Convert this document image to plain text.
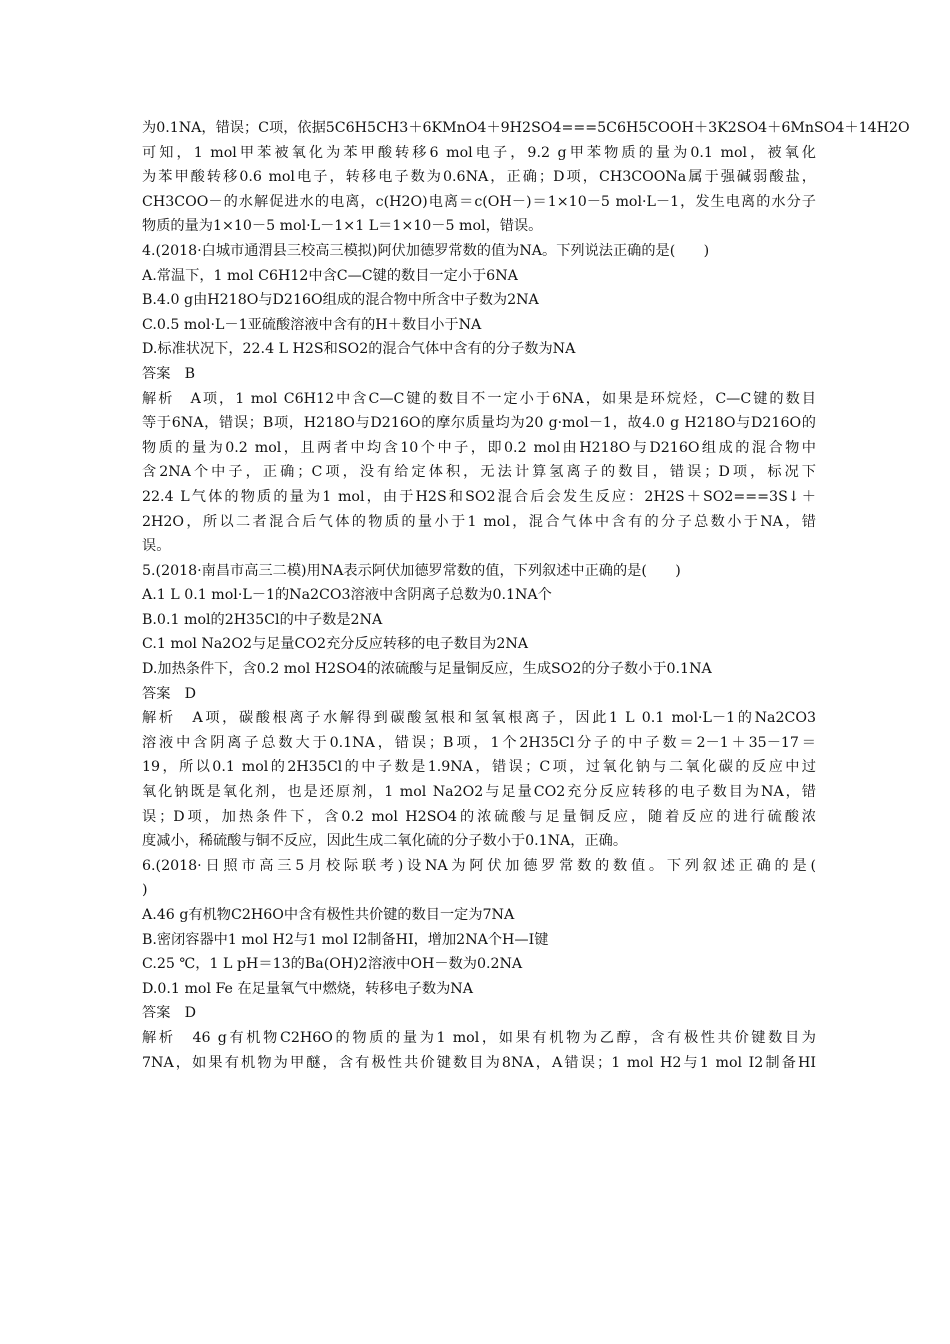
为0.1NA，错误；C项，依据5C6H5CH3＋6KMnO4＋9H2SO4===5C6H5COOH＋3K2SO4＋6MnSO4＋14H2O
可知，1 mol甲苯被氧化为苯甲酸转移6 mol电子，9.2 g甲苯物质的量为0.1 mol，被氧化
为苯甲酸转移0.6 mol电子，转移电子数为0.6NA，正确；D项，CH3COONa属于强碱弱酸盐，
CH3COO－的水解促进水的电离，c(H2O)电离＝c(OH－)＝1×10－5 mol·L－1，发生电离的水分子
物质的量为1×10－5 mol·L－1×1 L＝1×10－5 mol，错误。
4.(2018·白城市通渭县三校高三模拟)阿伏加德罗常数的值为NA。下列说法正确的是(　　)
A.常温下，1 mol C6H12中含C—C键的数目一定小于6NA
B.4.0 g由H218O与D216O组成的混合物中所含中子数为2NA
C.0.5 mol·L－1亚硫酸溶液中含有的H＋数目小于NA
D.标准状况下，22.4 L H2S和SO2的混合气体中含有的分子数为NA
答案　B
解析　A项，1 mol C6H12中含C—C键的数目不一定小于6NA，如果是环烷烃，C—C键的数目
等于6NA，错误；B项，H218O与D216O的摩尔质量均为20 g·mol－1，故4.0 g H218O与D216O的
物质的量为0.2 mol，且两者中均含10个中子，即0.2 mol由H218O与D216O组成的混合物中
含2NA个中子，正确；C项，没有给定体积，无法计算氢离子的数目，错误；D项，标况下
22.4 L气体的物质的量为1 mol，由于H2S和SO2混合后会发生反应：2H2S＋SO2===3S↓＋
2H2O，所以二者混合后气体的物质的量小于1 mol，混合气体中含有的分子总数小于NA，错
误。
5.(2018·南昌市高三二模)用NA表示阿伏加德罗常数的值，下列叙述中正确的是(　　)
A.1 L 0.1 mol·L－1的Na2CO3溶液中含阴离子总数为0.1NA个
B.0.1 mol的2H35Cl的中子数是2NA
C.1 mol Na2O2与足量CO2充分反应转移的电子数目为2NA
D.加热条件下，含0.2 mol H2SO4的浓硫酸与足量铜反应，生成SO2的分子数小于0.1NA
答案　D
解析　A项，碳酸根离子水解得到碳酸氢根和氢氧根离子，因此1 L 0.1 mol·L－1的Na2CO3
溶液中含阴离子总数大于0.1NA，错误；B项，1个2H35Cl分子的中子数＝2－1＋35－17＝
19，所以0.1 mol的2H35Cl的中子数是1.9NA，错误；C项，过氧化钠与二氧化碳的反应中过
氧化钠既是氧化剂，也是还原剂，1 mol Na2O2与足量CO2充分反应转移的电子数目为NA，错
误；D项，加热条件下，含0.2 mol H2SO4的浓硫酸与足量铜反应，随着反应的进行硫酸浓
度减小，稀硫酸与铜不反应，因此生成二氧化硫的分子数小于0.1NA，正确。
6.(2018·日照市高三5月校际联考)设NA为阿伏加德罗常数的数值。下列叙述正确的是(
)
A.46 g有机物C2H6O中含有极性共价键的数目一定为7NA
B.密闭容器中1 mol H2与1 mol I2制备HI，增加2NA个H—I键
C.25 ℃，1 L pH＝13的Ba(OH)2溶液中OH－数为0.2NA
D.0.1 mol Fe 在足量氧气中燃烧，转移电子数为NA
答案　D
解析　46 g有机物C2H6O的物质的量为1 mol，如果有机物为乙醇，含有极性共价键数目为
7NA，如果有机物为甲醚，含有极性共价键数目为8NA，A错误；1 mol H2与1 mol I2制备HI
